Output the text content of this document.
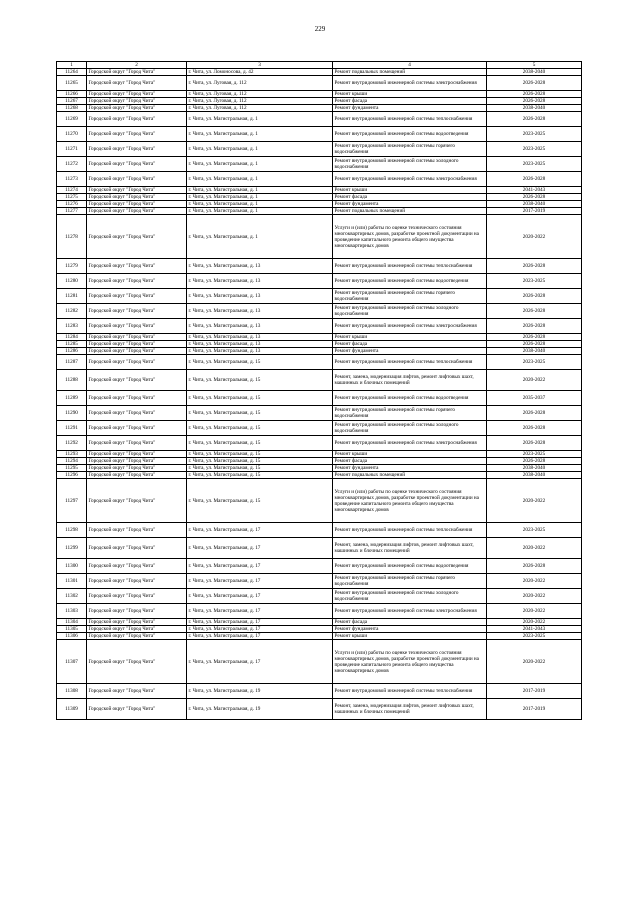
229
1	2	3	4	5
11264	Городской округ "Город Чита"	г. Чита, ул. Ломоносова, д. 42	Ремонт подвальных помещений	2038-2040
11265	Городской округ "Город Чита"	г. Чита, ул. Луговая, д. 112	Ремонт внутридомовой инженерной системы электроснабжения	2026-2028
11266	Городской округ "Город Чита"	г. Чита, ул. Луговая, д. 112	Ремонт крыши	2026-2028
11267	Городской округ "Город Чита"	г. Чита, ул. Луговая, д. 112	Ремонт фасада	2026-2028
11268	Городской округ "Город Чита"	г. Чита, ул. Луговая, д. 112	Ремонт фундамента	2038-2040
11269	Городской округ "Город Чита"	г. Чита, ул. Магистральная, д. 1	Ремонт внутридомовой инженерной системы теплоснабжения	2026-2028
11270	Городской округ "Город Чита"	г. Чита, ул. Магистральная, д. 1	Ремонт внутридомовой инженерной системы водоотведения	2023-2025
11271	Городской округ "Город Чита"	г. Чита, ул. Магистральная, д. 1	Ремонт внутридомовой инженерной системы горячего водоснабжения	2023-2025
11272	Городской округ "Город Чита"	г. Чита, ул. Магистральная, д. 1	Ремонт внутридомовой инженерной системы холодного водоснабжения	2023-2025
11273	Городской округ "Город Чита"	г. Чита, ул. Магистральная, д. 1	Ремонт внутридомовой инженерной системы электроснабжения	2026-2028
11274	Городской округ "Город Чита"	г. Чита, ул. Магистральная, д. 1	Ремонт крыши	2041-2043
11275	Городской округ "Город Чита"	г. Чита, ул. Магистральная, д. 1	Ремонт фасада	2026-2028
11276	Городской округ "Город Чита"	г. Чита, ул. Магистральная, д. 1	Ремонт фундамента	2038-2040
11277	Городской округ "Город Чита"	г. Чита, ул. Магистральная, д. 1	Ремонт подвальных помещений	2017-2019
11278	Городской округ "Город Чита"	г. Чита, ул. Магистральная, д. 1	Услуги и (или) работы по оценке технического состояния многоквартирных домов, разработке проектной документации на проведение капитального ремонта общего имущества многоквартирных домов	2020-2022
11279	Городской округ "Город Чита"	г. Чита, ул. Магистральная, д. 13	Ремонт внутридомовой инженерной системы теплоснабжения	2026-2028
11280	Городской округ "Город Чита"	г. Чита, ул. Магистральная, д. 13	Ремонт внутридомовой инженерной системы водоотведения	2023-2025
11281	Городской округ "Город Чита"	г. Чита, ул. Магистральная, д. 13	Ремонт внутридомовой инженерной системы горячего водоснабжения	2026-2028
11282	Городской округ "Город Чита"	г. Чита, ул. Магистральная, д. 13	Ремонт внутридомовой инженерной системы холодного водоснабжения	2026-2028
11283	Городской округ "Город Чита"	г. Чита, ул. Магистральная, д. 13	Ремонт внутридомовой инженерной системы электроснабжения	2026-2028
11284	Городской округ "Город Чита"	г. Чита, ул. Магистральная, д. 13	Ремонт крыши	2026-2028
11285	Городской округ "Город Чита"	г. Чита, ул. Магистральная, д. 13	Ремонт фасада	2026-2028
11286	Городской округ "Город Чита"	г. Чита, ул. Магистральная, д. 13	Ремонт фундамента	2038-2040
11287	Городской округ "Город Чита"	г. Чита, ул. Магистральная, д. 15	Ремонт внутридомовой инженерной системы теплоснабжения	2023-2025
11288	Городской округ "Город Чита"	г. Чита, ул. Магистральная, д. 15	Ремонт, замена, модернизация лифтов, ремонт лифтовых шахт, машинных и блочных помещений	2020-2022
11289	Городской округ "Город Чита"	г. Чита, ул. Магистральная, д. 15	Ремонт внутридомовой инженерной системы водоотведения	2035-2037
11290	Городской округ "Город Чита"	г. Чита, ул. Магистральная, д. 15	Ремонт внутридомовой инженерной системы горячего водоснабжения	2026-2028
11291	Городской округ "Город Чита"	г. Чита, ул. Магистральная, д. 15	Ремонт внутридомовой инженерной системы холодного водоснабжения	2026-2028
11292	Городской округ "Город Чита"	г. Чита, ул. Магистральная, д. 15	Ремонт внутридомовой инженерной системы электроснабжения	2026-2028
11293	Городской округ "Город Чита"	г. Чита, ул. Магистральная, д. 15	Ремонт крыши	2023-2025
11294	Городской округ "Город Чита"	г. Чита, ул. Магистральная, д. 15	Ремонт фасада	2026-2028
11295	Городской округ "Город Чита"	г. Чита, ул. Магистральная, д. 15	Ремонт фундамента	2038-2040
11296	Городской округ "Город Чита"	г. Чита, ул. Магистральная, д. 15	Ремонт подвальных помещений	2038-2040
11297	Городской округ "Город Чита"	г. Чита, ул. Магистральная, д. 15	Услуги и (или) работы по оценке технического состояния многоквартирных домов, разработке проектной документации на проведение капитального ремонта общего имущества многоквартирных домов	2020-2022
11298	Городской округ "Город Чита"	г. Чита, ул. Магистральная, д. 17	Ремонт внутридомовой инженерной системы теплоснабжения	2023-2025
11299	Городской округ "Город Чита"	г. Чита, ул. Магистральная, д. 17	Ремонт, замена, модернизация лифтов, ремонт лифтовых шахт, машинных и блочных помещений	2020-2022
11300	Городской округ "Город Чита"	г. Чита, ул. Магистральная, д. 17	Ремонт внутридомовой инженерной системы водоотведения	2026-2028
11301	Городской округ "Город Чита"	г. Чита, ул. Магистральная, д. 17	Ремонт внутридомовой инженерной системы горячего водоснабжения	2020-2022
11302	Городской округ "Город Чита"	г. Чита, ул. Магистральная, д. 17	Ремонт внутридомовой инженерной системы холодного водоснабжения	2020-2022
11303	Городской округ "Город Чита"	г. Чита, ул. Магистральная, д. 17	Ремонт внутридомовой инженерной системы электроснабжения	2020-2022
11304	Городской округ "Город Чита"	г. Чита, ул. Магистральная, д. 17	Ремонт фасада	2020-2022
11305	Городской округ "Город Чита"	г. Чита, ул. Магистральная, д. 17	Ремонт фундамента	2041-2043
11306	Городской округ "Город Чита"	г. Чита, ул. Магистральная, д. 17	Ремонт крыши	2023-2025
11307	Городской округ "Город Чита"	г. Чита, ул. Магистральная, д. 17	Услуги и (или) работы по оценке технического состояния многоквартирных домов, разработке проектной документации на проведение капитального ремонта общего имущества многоквартирных домов	2020-2022
11308	Городской округ "Город Чита"	г. Чита, ул. Магистральная, д. 19	Ремонт внутридомовой инженерной системы теплоснабжения	2017-2019
11309	Городской округ "Город Чита"	г. Чита, ул. Магистральная, д. 19	Ремонт, замена, модернизация лифтов, ремонт лифтовых шахт, машинных и блочных помещений	2017-2019
